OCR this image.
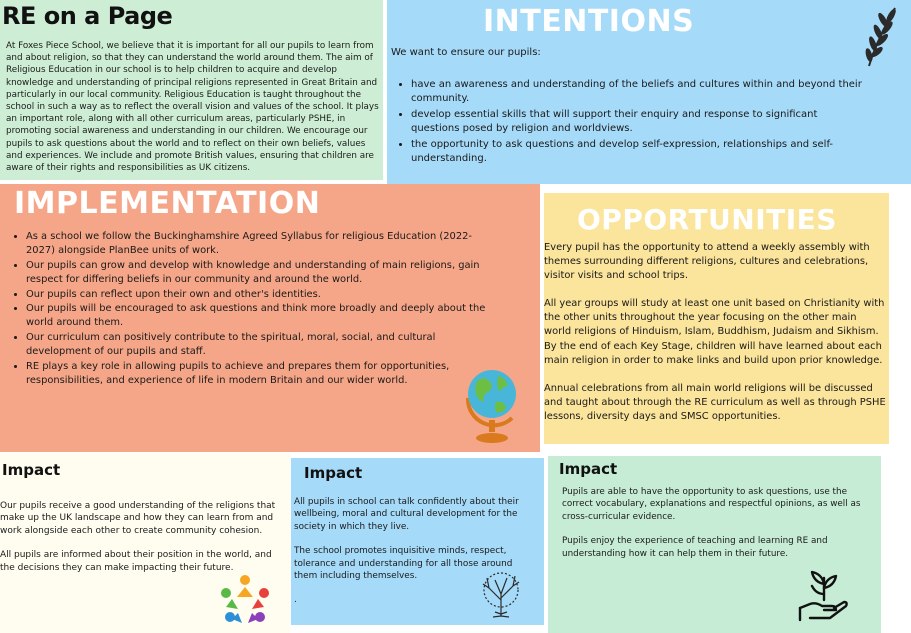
RE on a Page
At Foxes Piece School, we believe that it is important for all our pupils to learn from and about religion, so that they can understand the world around them. The aim of Religious Education in our school is to help children to acquire and develop knowledge and understanding of principal religions represented in Great Britain and particularly in our local community. Religious Education is taught throughout the school in such a way as to reflect the overall vision and values of the school. It plays an important role, along with all other curriculum areas, particularly PSHE, in promoting social awareness and understanding in our children. We encourage our pupils to ask questions about the world and to reflect on their own beliefs, values and experiences. We include and promote British values, ensuring that children are aware of their rights and responsibilities as UK citizens.
INTENTIONS
We want to ensure our pupils:
• have an awareness and understanding of the beliefs and cultures within and beyond their community.
• develop essential skills that will support their enquiry and response to significant questions posed by religion and worldviews.
• the opportunity to ask questions and develop self-expression, relationships and self-understanding.
IMPLEMENTATION
• As a school we follow the Buckinghamshire Agreed Syllabus for religious Education (2022-2027) alongside PlanBee units of work.
• Our pupils can grow and develop with knowledge and understanding of main religions, gain respect for differing beliefs in our community and around the world.
• Our pupils can reflect upon their own and other's identities.
• Our pupils will be encouraged to ask questions and think more broadly and deeply about the world around them.
• Our curriculum can positively contribute to the spiritual, moral, social, and cultural development of our pupils and staff.
• RE plays a key role in allowing pupils to achieve and prepares them for opportunities, responsibilities, and experience of life in modern Britain and our wider world.
OPPORTUNITIES

Every pupil has the opportunity to attend a weekly assembly with themes surrounding different religions, cultures and celebrations, visitor visits and school trips.

All year groups will study at least one unit based on Christianity with the other units throughout the year focusing on the other main world religions of Hinduism, Islam, Buddhism, Judaism and Sikhism. By the end of each Key Stage, children will have learned about each main religion in order to make links and build upon prior knowledge.

Annual celebrations from all main world religions will be discussed and taught about through the RE curriculum as well as through PSHE lessons, diversity days and SMSC opportunities.

Impact

Our pupils receive a good understanding of the religions that make up the UK landscape and how they can learn from and work alongside each other to create community cohesion.

All pupils are informed about their position in the world, and the decisions they can make impacting their future.

Impact

All pupils in school can talk confidently about their wellbeing, moral and cultural development for the society in which they live.

The school promotes inquisitive minds, respect, tolerance and understanding for all those around them including themselves.

.

Impact

Pupils are able to have the opportunity to ask questions, use the correct vocabulary, explanations and respectful opinions, as well as cross-curricular evidence.

Pupils enjoy the experience of teaching and learning RE and understanding how it can help them in their future.
